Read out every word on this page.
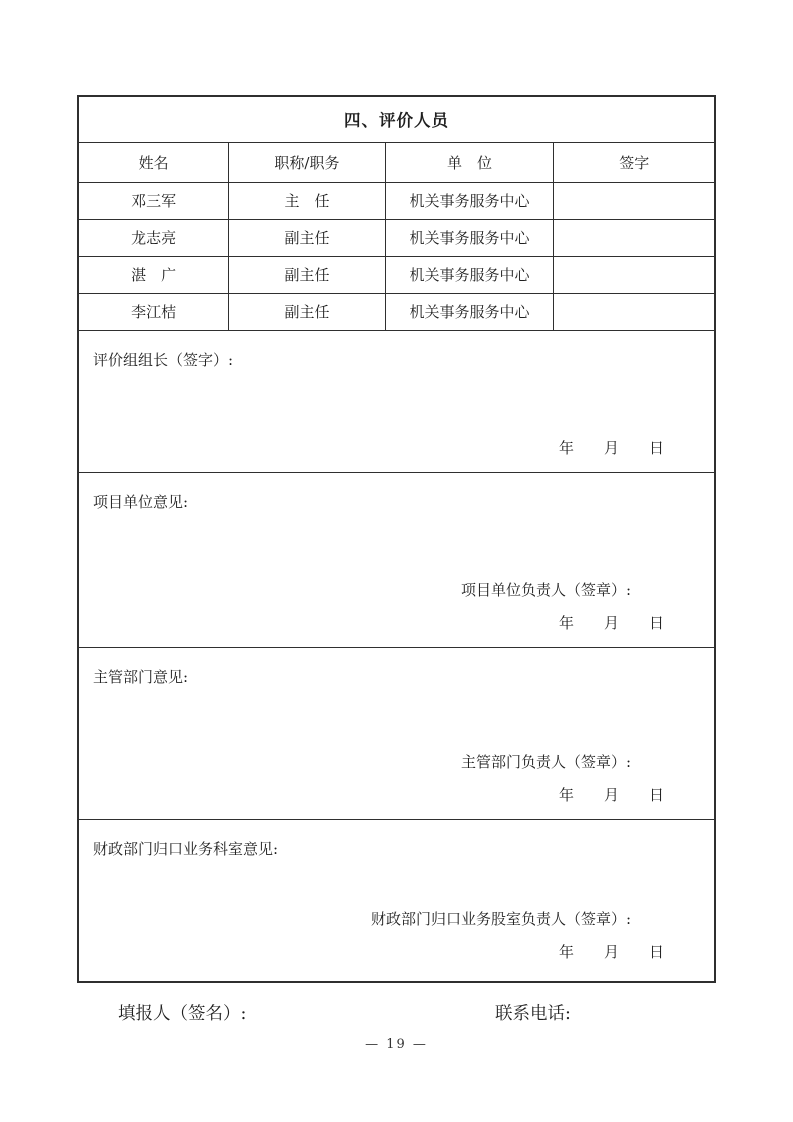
四、评价人员			
姓名	职称/职务	单　位	签字
邓三军	主　任	机关事务服务中心	
龙志亮	副主任	机关事务服务中心	
湛　广	副主任	机关事务服务中心	
李江桔	副主任	机关事务服务中心	
评价组组长（签字）:
年　　月　　日
项目单位意见:
项目单位负责人（签章）:
年　　月　　日
主管部门意见:
主管部门负责人（签章）:
年　　月　　日
财政部门归口业务科室意见:
财政部门归口业务股室负责人（签章）:
年　　月　　日
填报人（签名）:	联系电话:
— 19 —
